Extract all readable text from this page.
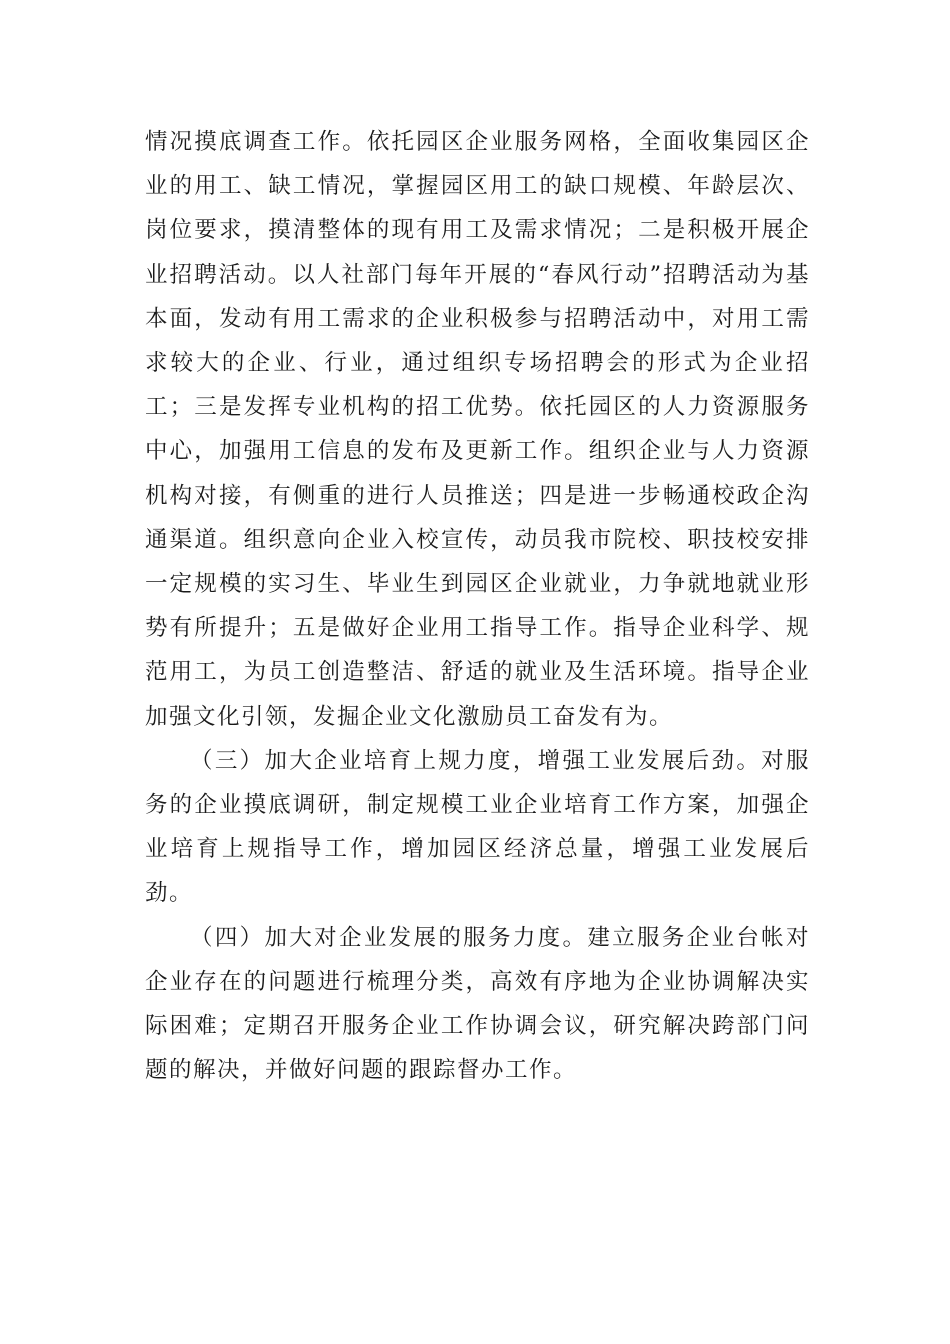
情况摸底调查工作。依托园区企业服务网格，全面收集园区企业的用工、缺工情况，掌握园区用工的缺口规模、年龄层次、岗位要求，摸清整体的现有用工及需求情况；二是积极开展企业招聘活动。以人社部门每年开展的“春风行动”招聘活动为基本面，发动有用工需求的企业积极参与招聘活动中，对用工需求较大的企业、行业，通过组织专场招聘会的形式为企业招工；三是发挥专业机构的招工优势。依托园区的人力资源服务中心，加强用工信息的发布及更新工作。组织企业与人力资源机构对接，有侧重的进行人员推送；四是进一步畅通校政企沟通渠道。组织意向企业入校宣传，动员我市院校、职技校安排一定规模的实习生、毕业生到园区企业就业，力争就地就业形势有所提升；五是做好企业用工指导工作。指导企业科学、规范用工，为员工创造整洁、舒适的就业及生活环境。指导企业加强文化引领，发掘企业文化激励员工奋发有为。

（三）加大企业培育上规力度，增强工业发展后劲。对服务的企业摸底调研，制定规模工业企业培育工作方案，加强企业培育上规指导工作，增加园区经济总量，增强工业发展后劲。

（四）加大对企业发展的服务力度。建立服务企业台帐对企业存在的问题进行梳理分类，高效有序地为企业协调解决实际困难；定期召开服务企业工作协调会议，研究解决跨部门问题的解决，并做好问题的跟踪督办工作。
